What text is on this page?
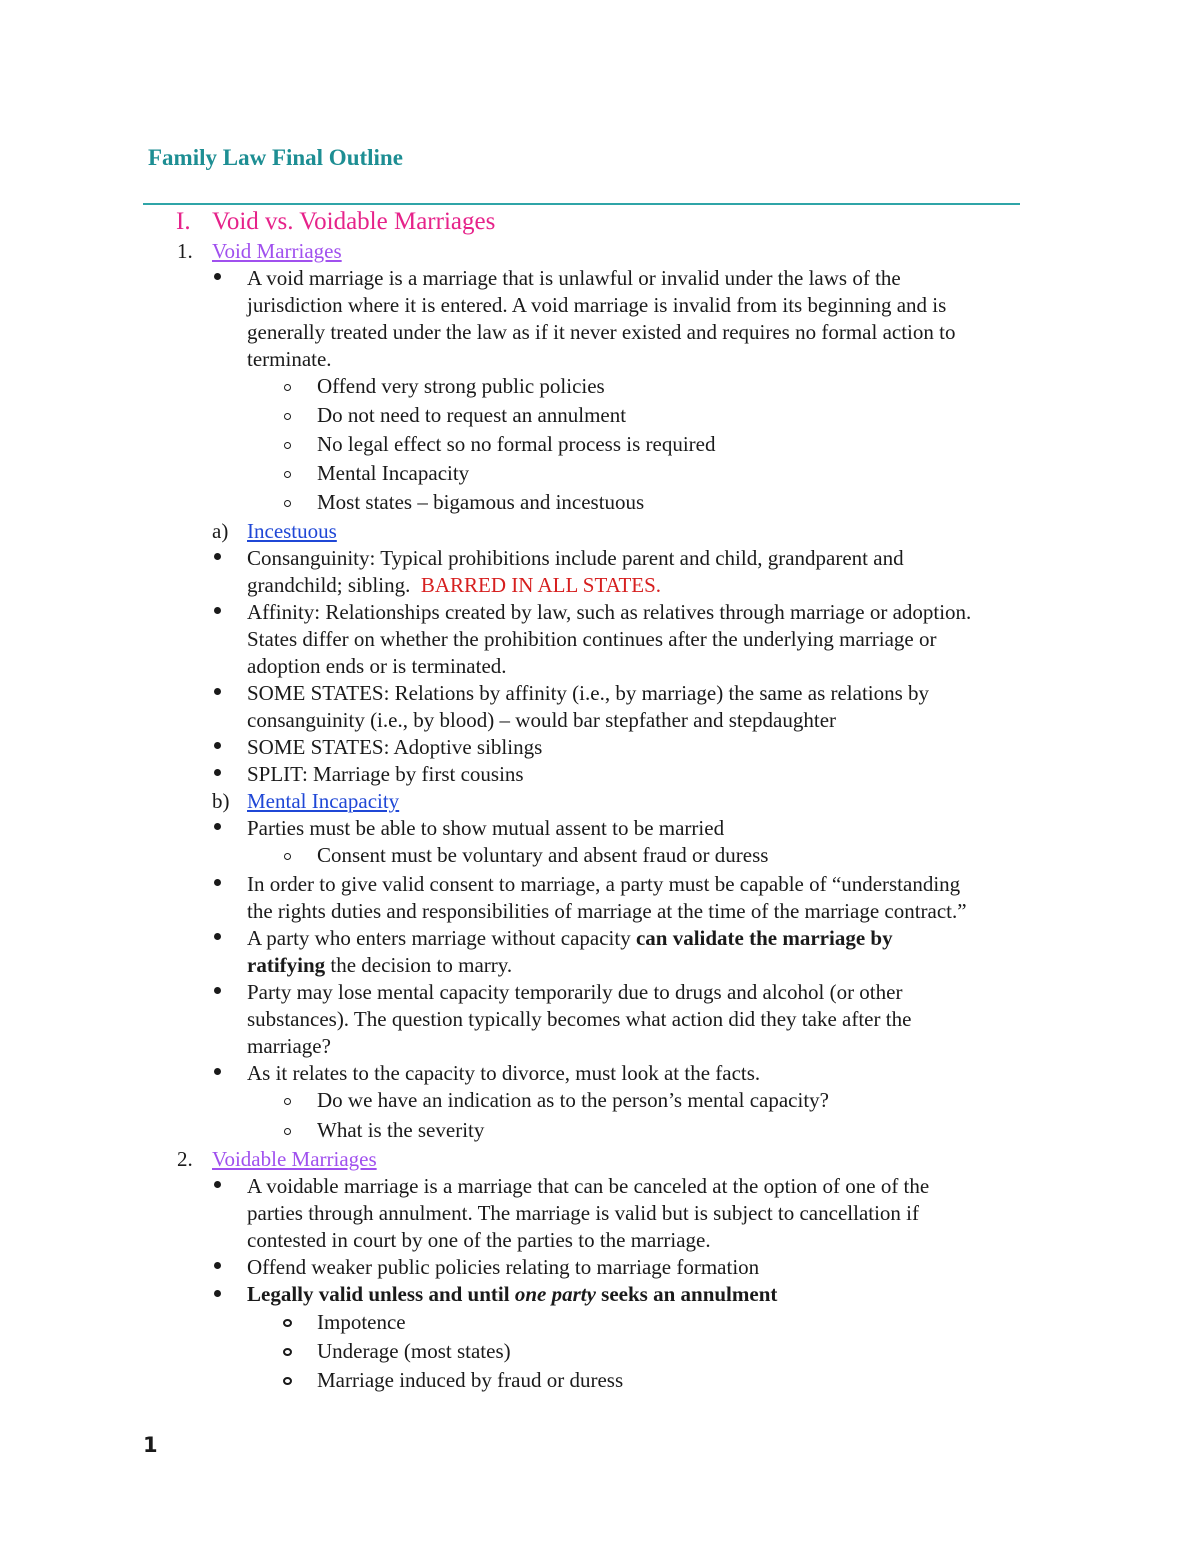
Family Law Final Outline
I. Void vs. Voidable Marriages
1. Void Marriages
A void marriage is a marriage that is unlawful or invalid under the laws of the
jurisdiction where it is entered. A void marriage is invalid from its beginning and is
generally treated under the law as if it never existed and requires no formal action to
terminate.
Offend very strong public policies
Do not need to request an annulment
No legal effect so no formal process is required
Mental Incapacity
Most states – bigamous and incestuous
a) Incestuous
Consanguinity: Typical prohibitions include parent and child, grandparent and
grandchild; sibling. BARRED IN ALL STATES.
Affinity: Relationships created by law, such as relatives through marriage or adoption.
States differ on whether the prohibition continues after the underlying marriage or
adoption ends or is terminated.
SOME STATES: Relations by affinity (i.e., by marriage) the same as relations by
consanguinity (i.e., by blood) – would bar stepfather and stepdaughter
SOME STATES: Adoptive siblings
SPLIT: Marriage by first cousins
b) Mental Incapacity
Parties must be able to show mutual assent to be married
Consent must be voluntary and absent fraud or duress
In order to give valid consent to marriage, a party must be capable of “understanding
the rights duties and responsibilities of marriage at the time of the marriage contract.”
A party who enters marriage without capacity can validate the marriage by
ratifying the decision to marry.
Party may lose mental capacity temporarily due to drugs and alcohol (or other
substances). The question typically becomes what action did they take after the
marriage?
As it relates to the capacity to divorce, must look at the facts.
Do we have an indication as to the person’s mental capacity?
What is the severity
2. Voidable Marriages
A voidable marriage is a marriage that can be canceled at the option of one of the
parties through annulment. The marriage is valid but is subject to cancellation if
contested in court by one of the parties to the marriage.
Offend weaker public policies relating to marriage formation
Legally valid unless and until one party seeks an annulment
Impotence
Underage (most states)
Marriage induced by fraud or duress
1
